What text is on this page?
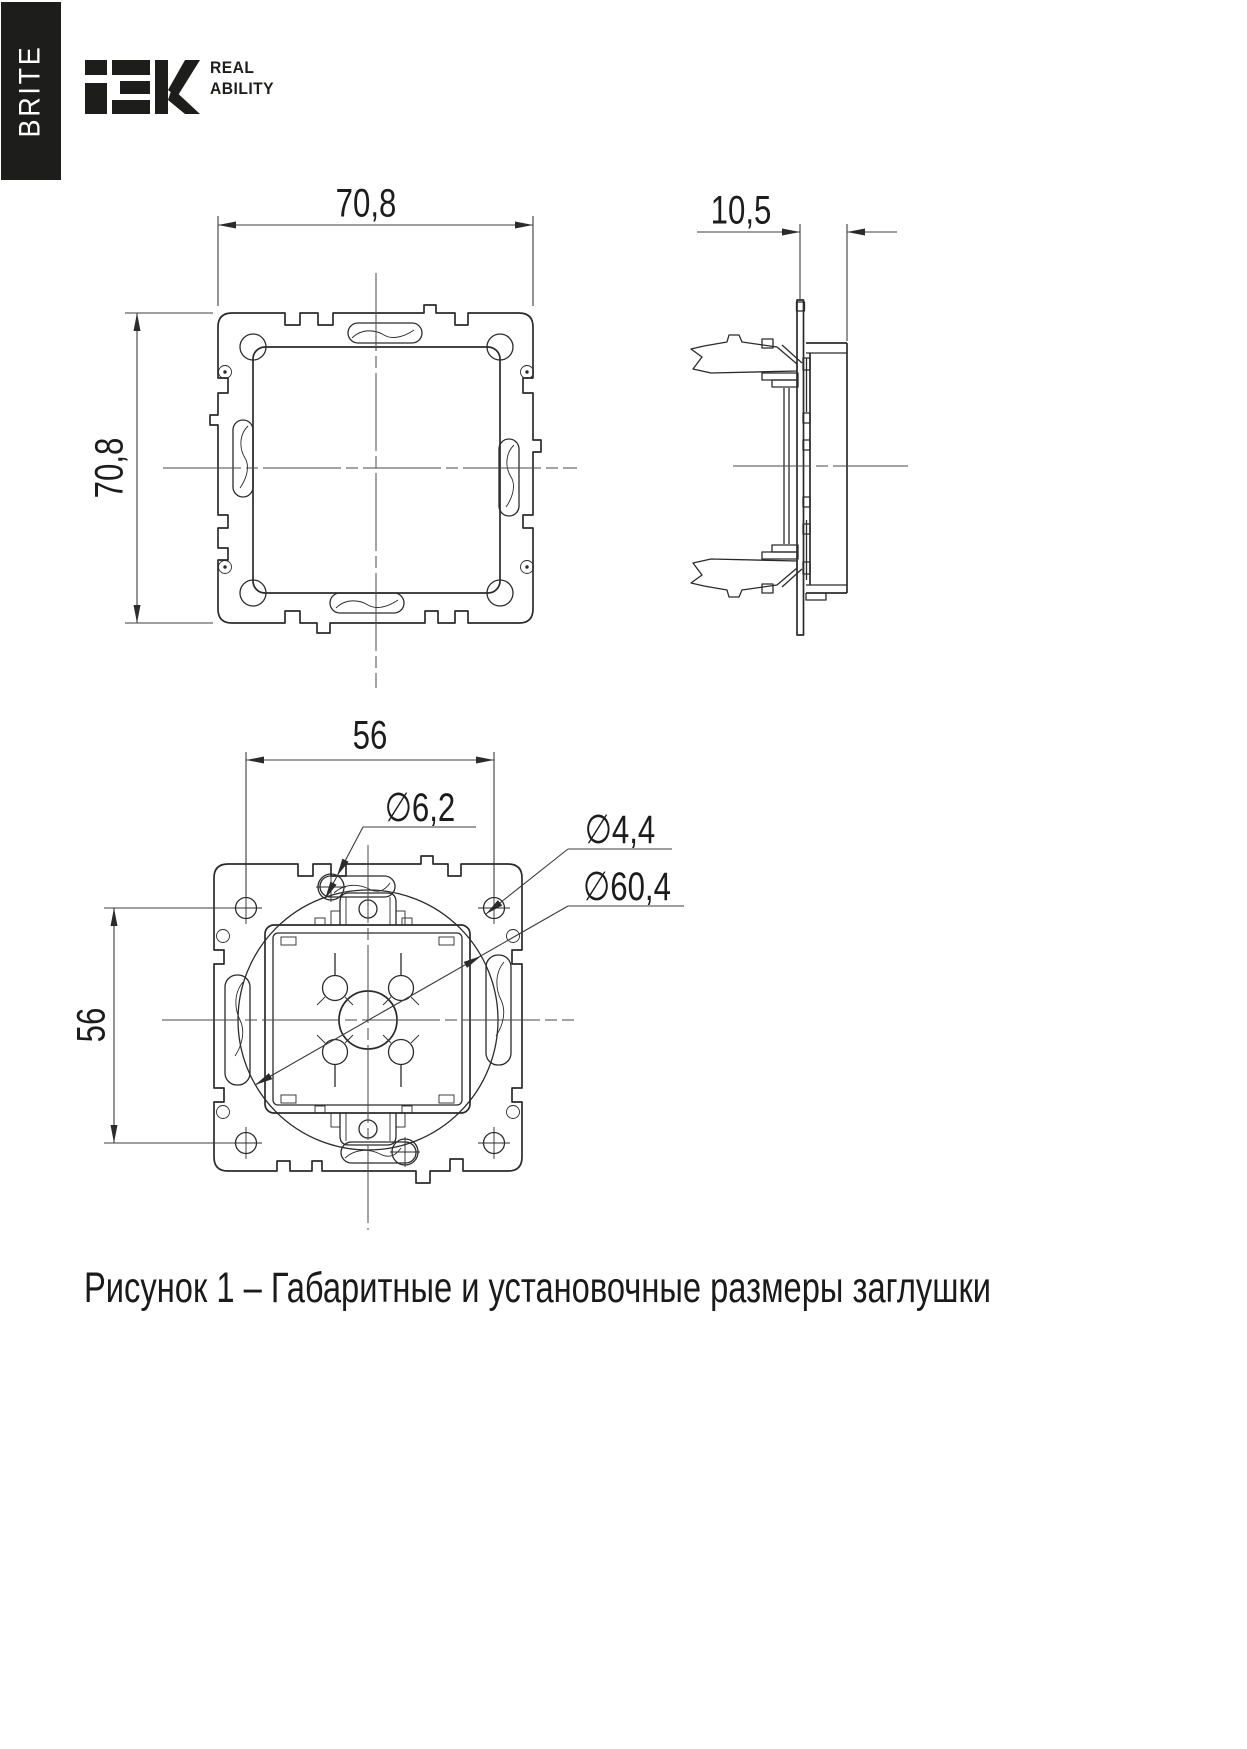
BRITE	REAL
ABILITY
70,8
70,8
10,5
56
56
∅6,2	∅4,4
∅60,4
Рисунок 1 – Габаритные и установочные размеры заглушки
